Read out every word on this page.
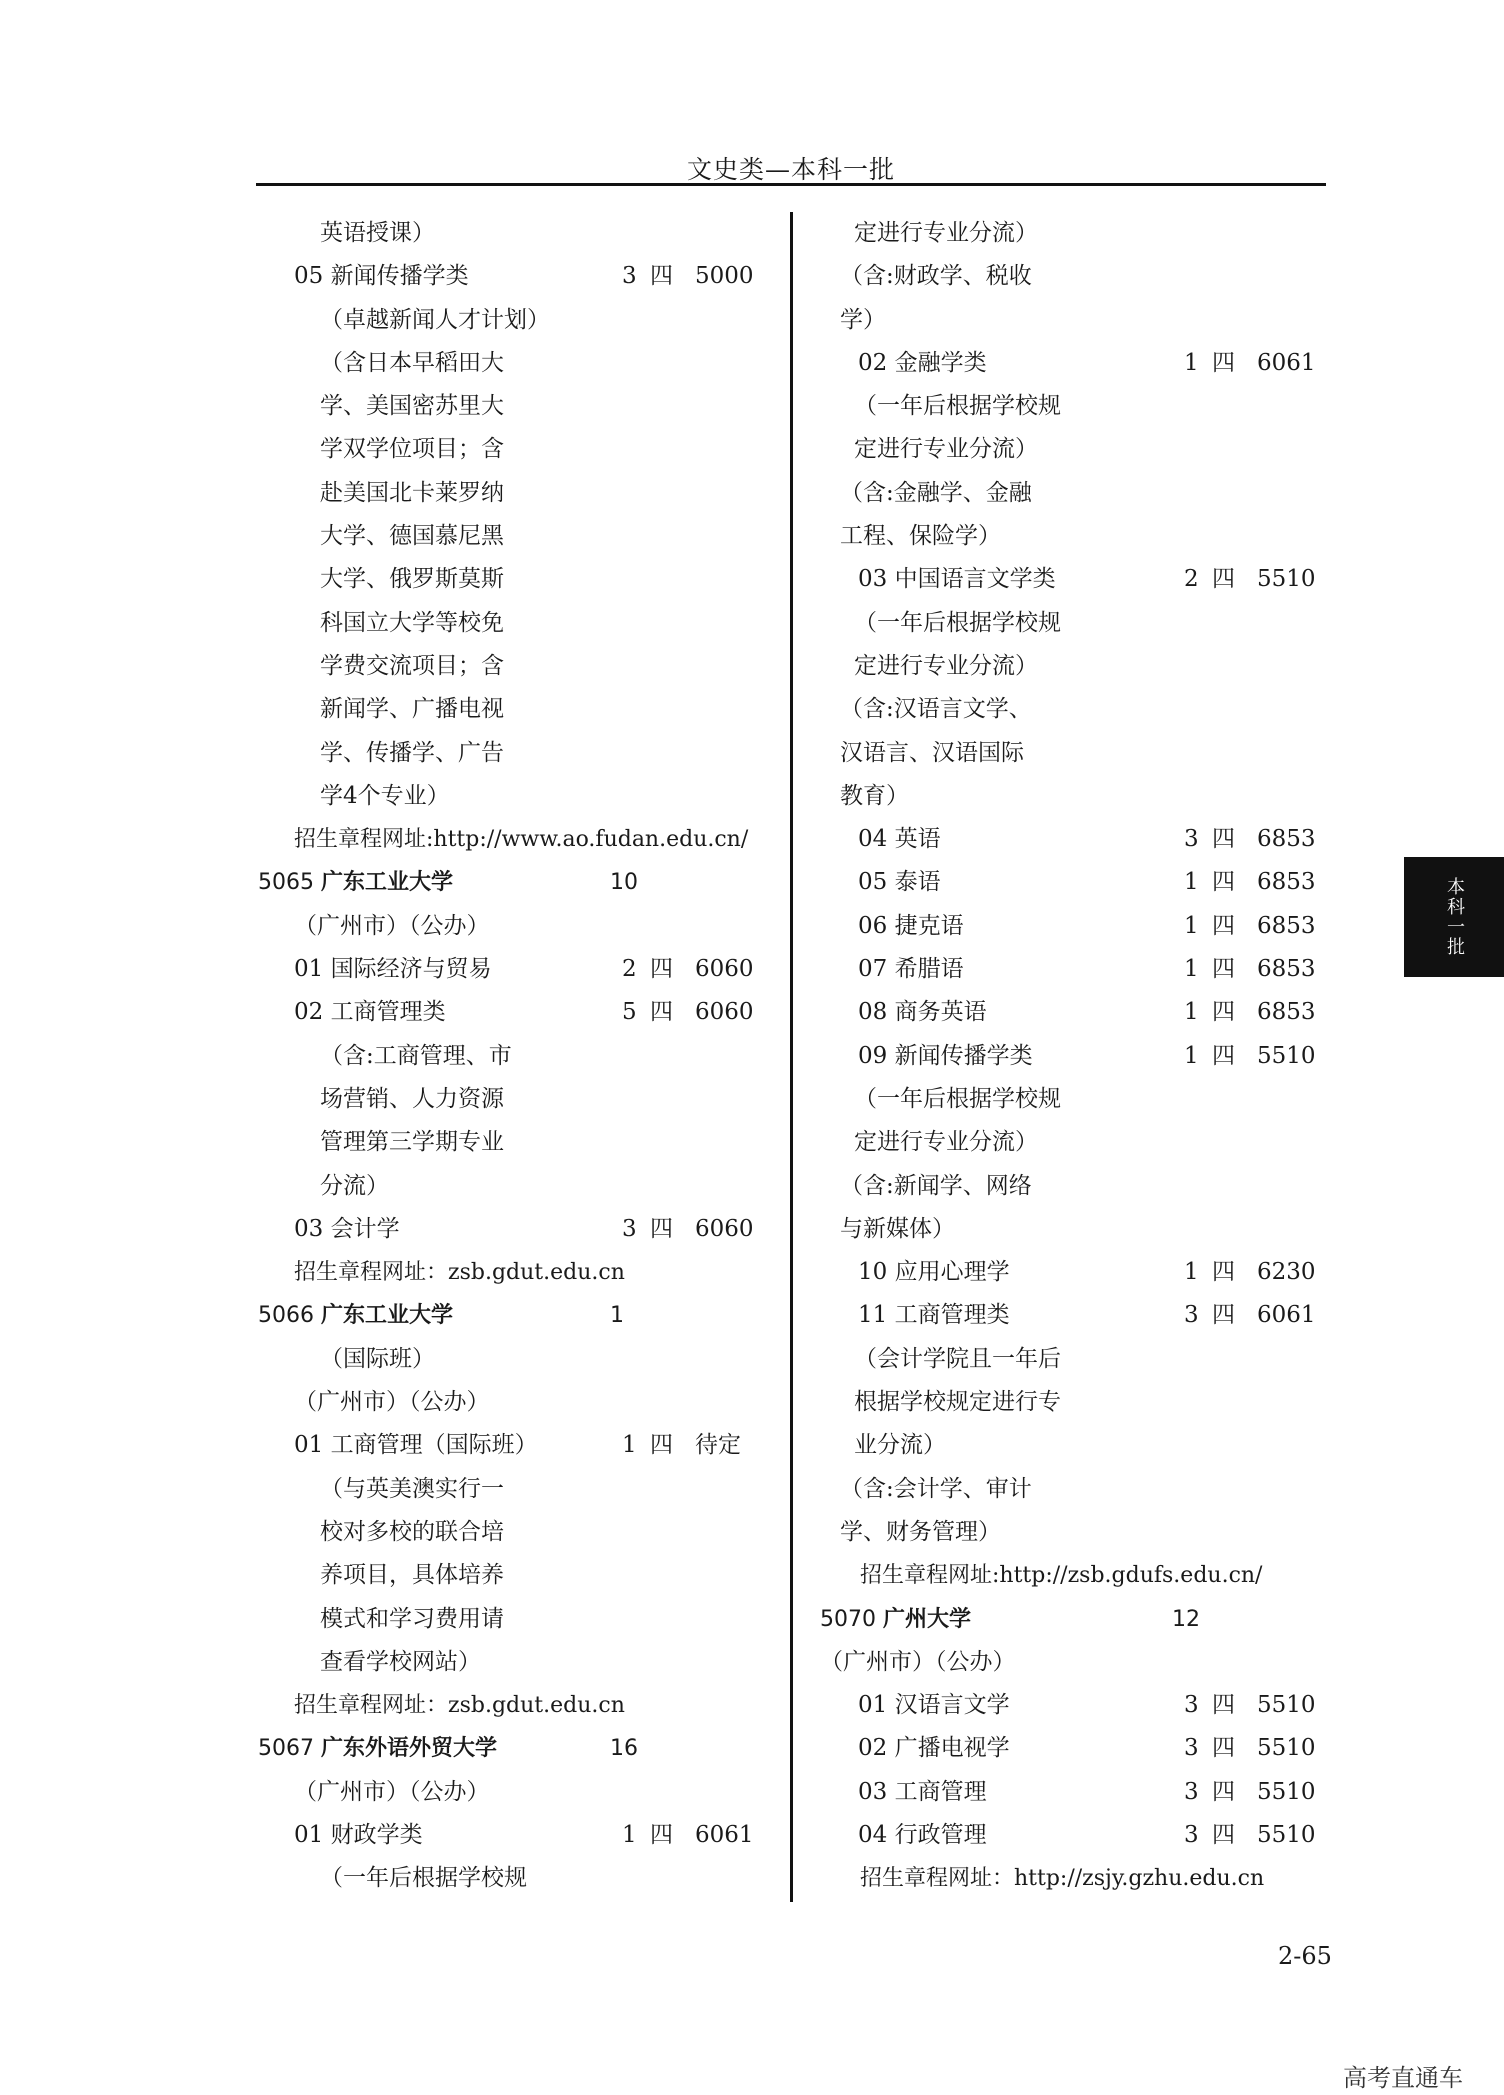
文史类—本科一批
英语授课）
05 新闻传播学类	3 四 5000
（卓越新闻人才计划）
（含日本早稻田大
学、美国密苏里大
学双学位项目；含
赴美国北卡莱罗纳
大学、德国慕尼黑
大学、俄罗斯莫斯
科国立大学等校免
学费交流项目；含
新闻学、广播电视
学、传播学、广告
学4个专业）
招生章程网址:http://www.ao.fudan.edu.cn/
5065 广东工业大学	10
（广州市）（公办）
01 国际经济与贸易	2 四 6060
02 工商管理类	5 四 6060
（含:工商管理、市
场营销、人力资源
管理第三学期专业
分流）
03 会计学	3 四 6060
招生章程网址：zsb.gdut.edu.cn
5066 广东工业大学	1
（国际班）
（广州市）（公办）
01 工商管理（国际班）	1 四 待定
（与英美澳实行一
校对多校的联合培
养项目，具体培养
模式和学习费用请
查看学校网站）
招生章程网址：zsb.gdut.edu.cn
5067 广东外语外贸大学	16
（广州市）（公办）
01 财政学类	1 四 6061
（一年后根据学校规
定进行专业分流）
（含:财政学、税收
学）
02 金融学类	1 四 6061
（一年后根据学校规
定进行专业分流）
（含:金融学、金融
工程、保险学）
03 中国语言文学类	2 四 5510
（一年后根据学校规
定进行专业分流）
（含:汉语言文学、
汉语言、汉语国际
教育）
04 英语	3 四 6853
05 泰语	1 四 6853
06 捷克语	1 四 6853
07 希腊语	1 四 6853
08 商务英语	1 四 6853
09 新闻传播学类	1 四 5510
（一年后根据学校规
定进行专业分流）
（含:新闻学、网络
与新媒体）
10 应用心理学	1 四 6230
11 工商管理类	3 四 6061
（会计学院且一年后
根据学校规定进行专
业分流）
（含:会计学、审计
学、财务管理）
招生章程网址:http://zsb.gdufs.edu.cn/
5070 广州大学	12
（广州市）（公办）
01 汉语言文学	3 四 5510
02 广播电视学	3 四 5510
03 工商管理	3 四 5510
04 行政管理	3 四 5510
招生章程网址：http://zsjy.gzhu.edu.cn
本科一批
2-65
高考直通车
